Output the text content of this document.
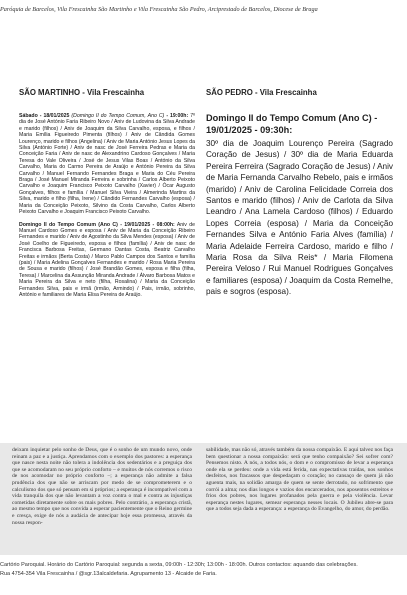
Paróquia de Barcelos, Vila Frescainha São Martinho e Vila Frescainha São Pedro, Arciprestado de Barcelos, Diocese de Braga
SÃO MARTINHO - Vila Frescainha

Sábado - 18/01/2025 (Domingo II do Tempo Comum, Ano C) - 19:00h: 7º dia de José António Faria Ribeiro Novo / Aniv de Ludovina da Silva Andrade e marido (filhos) / Aniv de Joaquim da Silva Carvalho, esposa, e filhos / Maria Emília Figueiredo Pimenta (filhos) / Aniv de Cândida Gomes Lourenço, marido e filhos (Angelina) / Aniv de Maria António Jesus Lopes da Silva (António Forte) / Aniv de nasc de José Ferreira Pedras e Maria da Conceição Faria / Aniv de nasc de Alexandrino Cardoso Gonçalves / Maria Teresa do Vale Oliveira / José de Jesus Vilas Boas / António da Silva Carvalho, Maria do Carmo Pereira de Araújo e António Pereira da Silva Carvalho / Manuel Fernando Fernandes Braga e Maria do Céu Pereira Braga / José Manuel Miranda Ferreira e sobrinha / Carlos Alberto Peixoto Carvalho e Joaquim Francisco Peixoto Carvalho (Xavier) / Ócar Augusto Gonçalves, filhos e família / Manuel Silva Vieira / Almerinda Martins da Silva, marido e filho (filha, Irene) / Cândido Fernandes Carvalho (esposa) / Maria da Conceição Peixoto, Silvino da Costa Carvalho, Carlos Alberto Peixoto Carvalho e Joaquim Francisco Peixoto Carvalho.

Domingo II do Tempo Comum (Ano C) - 19/01/2025 - 08:00h: Aniv de Manuel Cardoso Gomes e esposa / Aniv de Maria da Conceição Ribeiro Fernandes e marido / Aniv de Agostinho da Silva Mendes (esposa) / Aniv de José Coelho de Figueiredo, esposa e filhos (família) / Aniv de nasc de Francisca Barbosa Freitas, Germano Dantas Costa, Beatriz Carvalho Freitas e irmãos (Berta Costa) / Marco Pablo Campos dos Santos e família (pais) / Maria Adelina Gonçalves Fernandes e marido / Rosa Maria Pereira de Sousa e marido (filhos) / José Brandão Gomes, esposa e filha (filha, Teresa) / Marcelina da Assunção Miranda Andrade / Álvaro Barbosa Matos e Maria Pereira da Silva e neto (filha, Rosalina) / Maria da Conceição Fernandes Silva, pais e irmã (irmão, Armindo) / Pais, irmão, sobrinho, António e familiares de Maria Elisa Pereira de Araújo.

SÃO PEDRO - Vila Frescainha
Domingo II do Tempo Comum (Ano C) - 19/01/2025 - 09:30h:

30º dia de Joaquim Lourenço Pereira (Sagrado Coração de Jesus) / 30º dia de Maria Eduarda Pereira Ferreira (Sagrado Coração de Jesus) / Aniv de Maria Fernanda Carvalho Rebelo, pais e irmãos (marido) / Aniv de Carolina Felicidade Correia dos Santos e marido (filhos) / Aniv de Carlota da Silva Leandro / Ana Lamela Cardoso (filhos) / Eduardo Lopes Correia (esposa) / Maria da Conceição Fernandes Silva e António Faria Alves (família) / Maria Adelaide Ferreira Cardoso, marido e filho / Maria Rosa da Silva Reis* / Maria Filomena Pereira Veloso / Rui Manuel Rodrigues Gonçalves e familiares (esposa) / Joaquim da Costa Remelhe, pais e sogros (esposa).

deixam inquietar pelo sonho de Deus, que é o sonho de um mundo novo, onde reinam a paz e a justiça. Aprendamos com o exemplo dos pastores: a esperança que nasce nesta noite não tolera a indolência dos sedentários e a preguiça dos que se acomodaram no seu próprio conforto – e muitos de nós corremos o risco de nos acomodar no próprio conforto –; a esperança não admite a falsa prudência dos que não se arriscam por medo de se comprometerem e o calculismo dos que só pensam em si próprios; a esperança é incompatível com a vida tranquila dos que não levantam a voz contra o mal e contra as injustiças cometidas diretamente sobre os mais pobres. Pelo contrário, a esperança cristã, ao mesmo tempo que nos convida a esperar pacientemente que o Reino germine e cresça, exige de nós a audácia de antecipar hoje essa promessa, através da nossa respon-
sabilidade, mas não só, através também da nossa compaixão. E aqui talvez nos faça bem questionar a nossa compaixão: será que tenho compaixão? Sei sofrer com? Pensemos nisto. A nós, a todos nós, o dom e o compromisso de levar a esperança onde ela se perdeu: onde a vida está ferida, nas expectativas traídas, nos sonhos desfeitos, nos fracassos que despedaçam o coração; no cansaço de quem já não aguenta mais, na solidão amarga de quem se sente derrotado, no sofrimento que corrói a alma; nos dias longos e vazios dos encarcerados, nos aposentos estreitos e frios dos pobres, nos lugares profanados pela guerra e pela violência. Levar esperança nestes lugares, semear esperança nesses locais. O Jubileu abre-se para que a todos seja dada a esperança: a esperança do Evangelho, do amor, do perdão.
Cartório Paroquial. Horário do Cartório Paroquial: segunda a sexta, 09:00h - 12:30h; 13:00h - 18:00h. Outros contactos: aquando das celebrações.
Rua 4754-354 Vila Frescainha / @sgr.13alcaldefaria. Agrupamento 13 - Alcaide de Faria.
